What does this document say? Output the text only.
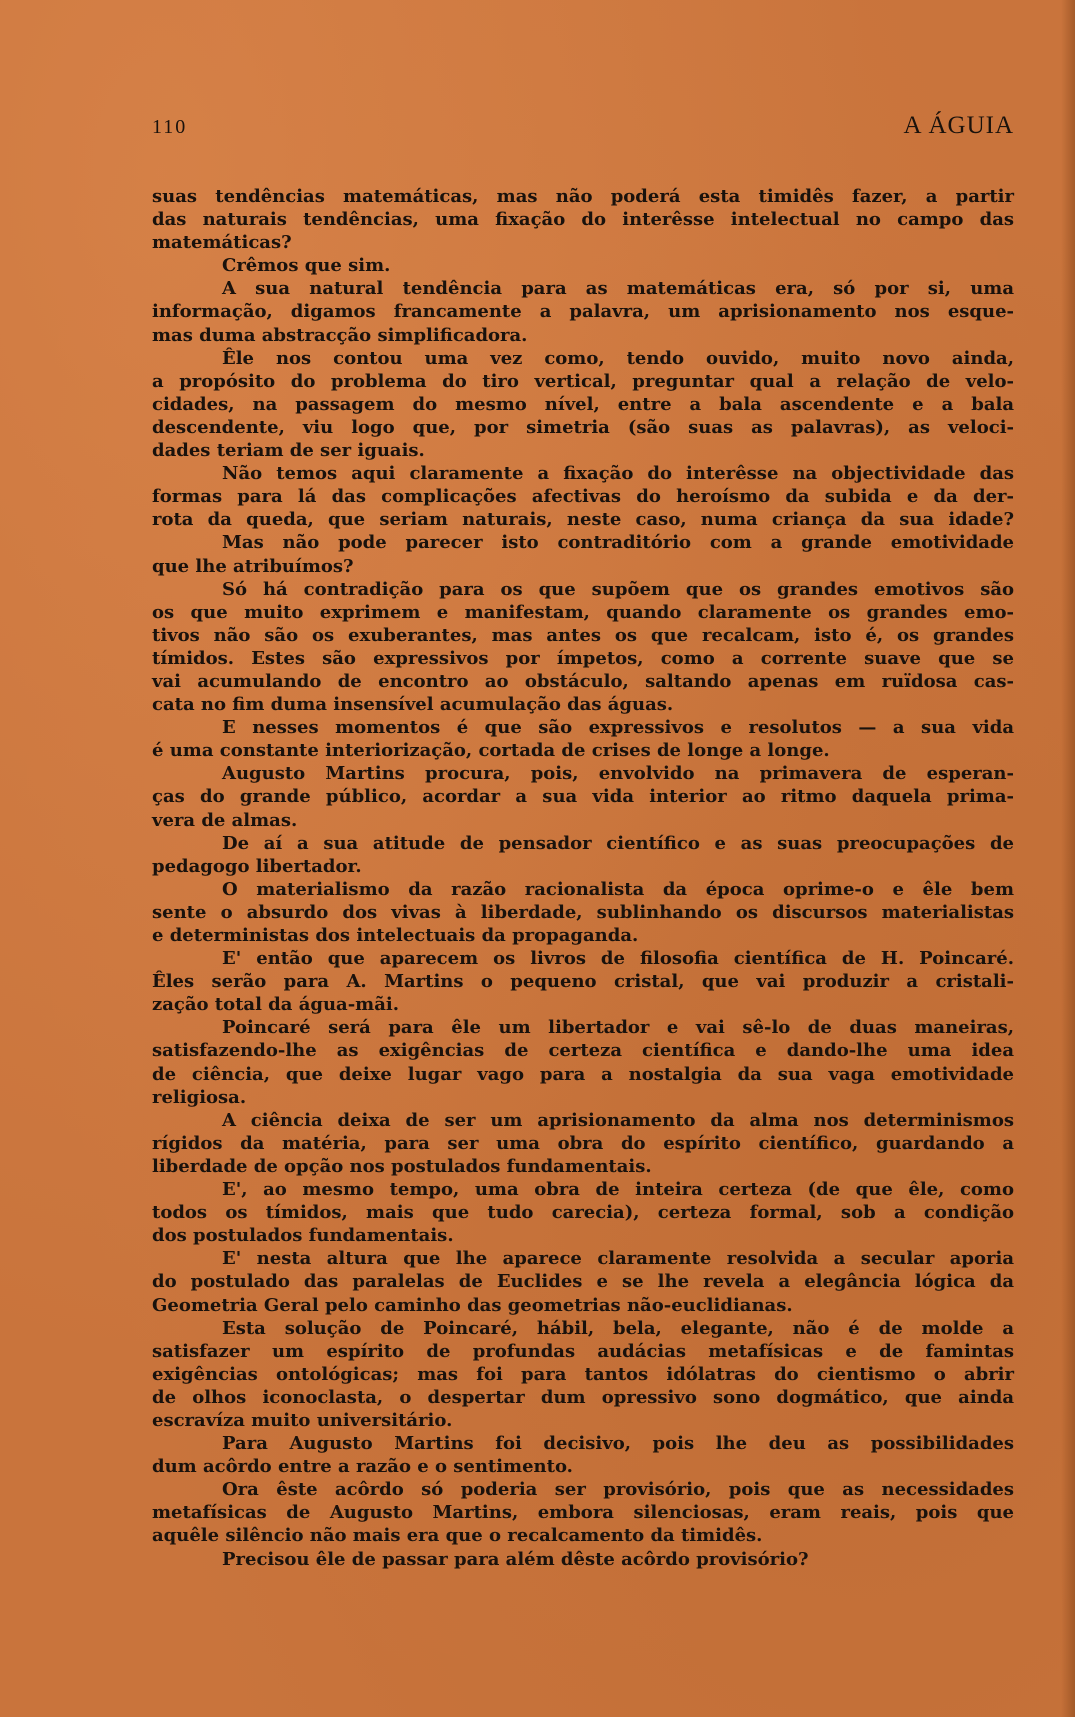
110	A ÁGUIA
suas tendências matemáticas, mas não poderá esta timidês fazer, a partir
das naturais tendências, uma fixação do interêsse intelectual no campo das
matemáticas?
Crêmos que sim.
A sua natural tendência para as matemáticas era, só por si, uma
informação, digamos francamente a palavra, um aprisionamento nos esque-
mas duma abstracção simplificadora.
Êle nos contou uma vez como, tendo ouvido, muito novo ainda,
a propósito do problema do tiro vertical, preguntar qual a relação de velo-
cidades, na passagem do mesmo nível, entre a bala ascendente e a bala
descendente, viu logo que, por simetria (são suas as palavras), as veloci-
dades teriam de ser iguais.
Não temos aqui claramente a fixação do interêsse na objectividade das
formas para lá das complicações afectivas do heroísmo da subida e da der-
rota da queda, que seriam naturais, neste caso, numa criança da sua idade?
Mas não pode parecer isto contraditório com a grande emotividade
que lhe atribuímos?
Só há contradição para os que supõem que os grandes emotivos são
os que muito exprimem e manifestam, quando claramente os grandes emo-
tivos não são os exuberantes, mas antes os que recalcam, isto é, os grandes
tímidos. Estes são expressivos por ímpetos, como a corrente suave que se
vai acumulando de encontro ao obstáculo, saltando apenas em ruïdosa cas-
cata no fim duma insensível acumulação das águas.
E nesses momentos é que são expressivos e resolutos — a sua vida
é uma constante interiorização, cortada de crises de longe a longe.
Augusto Martins procura, pois, envolvido na primavera de esperan-
ças do grande público, acordar a sua vida interior ao ritmo daquela prima-
vera de almas.
De aí a sua atitude de pensador científico e as suas preocupações de
pedagogo libertador.
O materialismo da razão racionalista da época oprime-o e êle bem
sente o absurdo dos vivas à liberdade, sublinhando os discursos materialistas
e deterministas dos intelectuais da propaganda.
E' então que aparecem os livros de filosofia científica de H. Poincaré.
Êles serão para A. Martins o pequeno cristal, que vai produzir a cristali-
zação total da água-mãi.
Poincaré será para êle um libertador e vai sê-lo de duas maneiras,
satisfazendo-lhe as exigências de certeza científica e dando-lhe uma idea
de ciência, que deixe lugar vago para a nostalgia da sua vaga emotividade
religiosa.
A ciência deixa de ser um aprisionamento da alma nos determinismos
rígidos da matéria, para ser uma obra do espírito científico, guardando a
liberdade de opção nos postulados fundamentais.
E', ao mesmo tempo, uma obra de inteira certeza (de que êle, como
todos os tímidos, mais que tudo carecia), certeza formal, sob a condição
dos postulados fundamentais.
E' nesta altura que lhe aparece claramente resolvida a secular aporia
do postulado das paralelas de Euclides e se lhe revela a elegância lógica da
Geometria Geral pelo caminho das geometrias não-euclidianas.
Esta solução de Poincaré, hábil, bela, elegante, não é de molde a
satisfazer um espírito de profundas audácias metafísicas e de famintas
exigências ontológicas; mas foi para tantos idólatras do cientismo o abrir
de olhos iconoclasta, o despertar dum opressivo sono dogmático, que ainda
escravíza muito universitário.
Para Augusto Martins foi decisivo, pois lhe deu as possibilidades
dum acôrdo entre a razão e o sentimento.
Ora êste acôrdo só poderia ser provisório, pois que as necessidades
metafísicas de Augusto Martins, embora silenciosas, eram reais, pois que
aquêle silêncio não mais era que o recalcamento da timidês.
Precisou êle de passar para além dêste acôrdo provisório?
